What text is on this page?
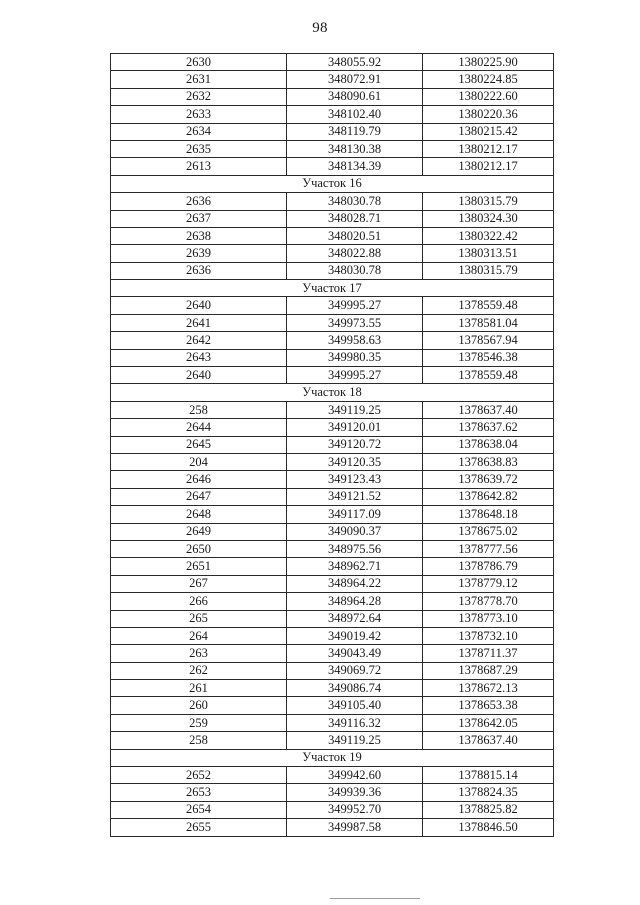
98
2630	348055.92	1380225.90
2631	348072.91	1380224.85
2632	348090.61	1380222.60
2633	348102.40	1380220.36
2634	348119.79	1380215.42
2635	348130.38	1380212.17
2613	348134.39	1380212.17
Участок 16		
2636	348030.78	1380315.79
2637	348028.71	1380324.30
2638	348020.51	1380322.42
2639	348022.88	1380313.51
2636	348030.78	1380315.79
Участок 17		
2640	349995.27	1378559.48
2641	349973.55	1378581.04
2642	349958.63	1378567.94
2643	349980.35	1378546.38
2640	349995.27	1378559.48
Участок 18		
258	349119.25	1378637.40
2644	349120.01	1378637.62
2645	349120.72	1378638.04
204	349120.35	1378638.83
2646	349123.43	1378639.72
2647	349121.52	1378642.82
2648	349117.09	1378648.18
2649	349090.37	1378675.02
2650	348975.56	1378777.56
2651	348962.71	1378786.79
267	348964.22	1378779.12
266	348964.28	1378778.70
265	348972.64	1378773.10
264	349019.42	1378732.10
263	349043.49	1378711.37
262	349069.72	1378687.29
261	349086.74	1378672.13
260	349105.40	1378653.38
259	349116.32	1378642.05
258	349119.25	1378637.40
Участок 19		
2652	349942.60	1378815.14
2653	349939.36	1378824.35
2654	349952.70	1378825.82
2655	349987.58	1378846.50
